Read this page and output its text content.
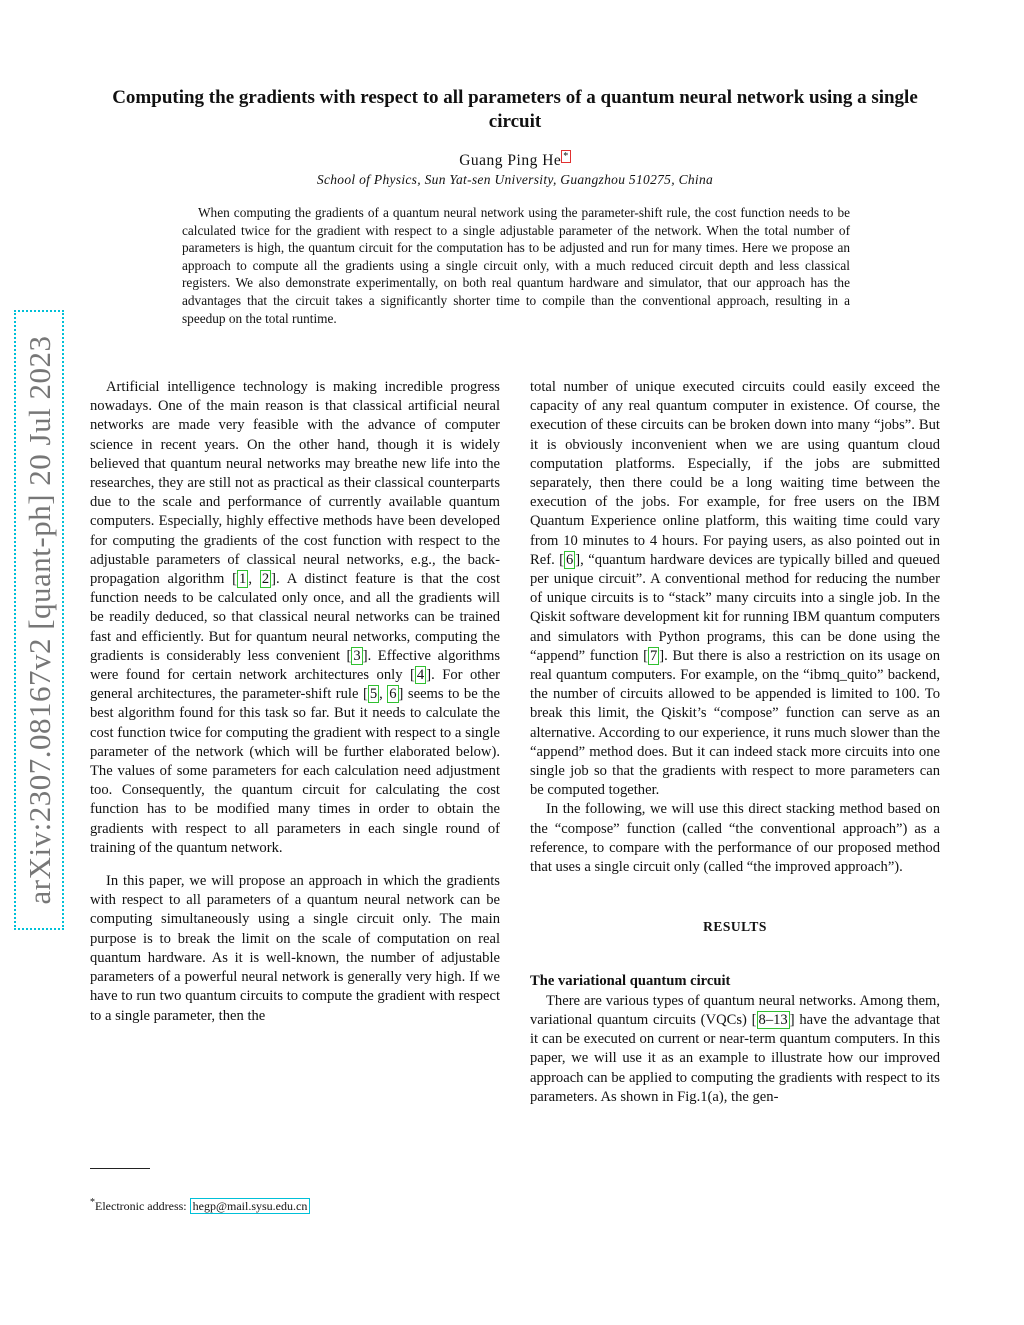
arXiv:2307.08167v2 [quant-ph] 20 Jul 2023
Computing the gradients with respect to all parameters of a quantum neural network using a single circuit
Guang Ping He *
School of Physics, Sun Yat-sen University, Guangzhou 510275, China
When computing the gradients of a quantum neural network using the parameter-shift rule, the cost function needs to be calculated twice for the gradient with respect to a single adjustable parameter of the network. When the total number of parameters is high, the quantum circuit for the computation has to be adjusted and run for many times. Here we propose an approach to compute all the gradients using a single circuit only, with a much reduced circuit depth and less classical registers. We also demonstrate experimentally, on both real quantum hardware and simulator, that our approach has the advantages that the circuit takes a significantly shorter time to compile than the conventional approach, resulting in a speedup on the total runtime.

Artificial intelligence technology is making incredible progress nowadays. One of the main reason is that classical artificial neural networks are made very feasible with the advance of computer science in recent years. On the other hand, though it is widely believed that quantum neural networks may breathe new life into the researches, they are still not as practical as their classical counterparts due to the scale and performance of currently available quantum computers. Especially, highly effective methods have been developed for computing the gradients of the cost function with respect to the adjustable parameters of classical neural networks, e.g., the back-propagation algorithm [ 1 , 2 ]. A distinct feature is that the cost function needs to be calculated only once, and all the gradients will be readily deduced, so that classical neural networks can be trained fast and efficiently. But for quantum neural networks, computing the gradients is considerably less convenient [ 3 ]. Effective algorithms were found for certain network architectures only [ 4 ]. For other general architectures, the parameter-shift rule [ 5 , 6 ] seems to be the best algorithm found for this task so far. But it needs to calculate the cost function twice for computing the gradient with respect to a single parameter of the network (which will be further elaborated below). The values of some parameters for each calculation need adjustment too. Consequently, the quantum circuit for calculating the cost function has to be modified many times in order to obtain the gradients with respect to all parameters in each single round of training of the quantum network.

In this paper, we will propose an approach in which the gradients with respect to all parameters of a quantum neural network can be computing simultaneously using a single circuit only. The main purpose is to break the limit on the scale of computation on real quantum hardware. As it is well-known, the number of adjustable parameters of a powerful neural network is generally very high. If we have to run two quantum circuits to compute the gradient with respect to a single parameter, then the

total number of unique executed circuits could easily exceed the capacity of any real quantum computer in existence. Of course, the execution of these circuits can be broken down into many “jobs”. But it is obviously inconvenient when we are using quantum cloud computation platforms. Especially, if the jobs are submitted separately, then there could be a long waiting time between the execution of the jobs. For example, for free users on the IBM Quantum Experience online platform, this waiting time could vary from 10 minutes to 4 hours. For paying users, as also pointed out in Ref. [ 6 ], “quantum hardware devices are typically billed and queued per unique circuit”. A conventional method for reducing the number of unique circuits is to “stack” many circuits into a single job. In the Qiskit software development kit for running IBM quantum computers and simulators with Python programs, this can be done using the “append” function [ 7 ]. But there is also a restriction on its usage on real quantum computers. For example, on the “ibmq_quito” backend, the number of circuits allowed to be appended is limited to 100. To break this limit, the Qiskit’s “compose” function can serve as an alternative. According to our experience, it runs much slower than the “append” method does. But it can indeed stack more circuits into one single job so that the gradients with respect to more parameters can be computed together.

In the following, we will use this direct stacking method based on the “compose” function (called “the conventional approach”) as a reference, to compare with the performance of our proposed method that uses a single circuit only (called “the improved approach”).

RESULTS

The variational quantum circuit

There are various types of quantum neural networks. Among them, variational quantum circuits (VQCs) [ 8–13 ] have the advantage that it can be executed on current or near-term quantum computers. In this paper, we will use it as an example to illustrate how our improved approach can be applied to computing the gradients with respect to its parameters. As shown in Fig.1(a), the gen-

*Electronic address: hegp@mail.sysu.edu.cn
